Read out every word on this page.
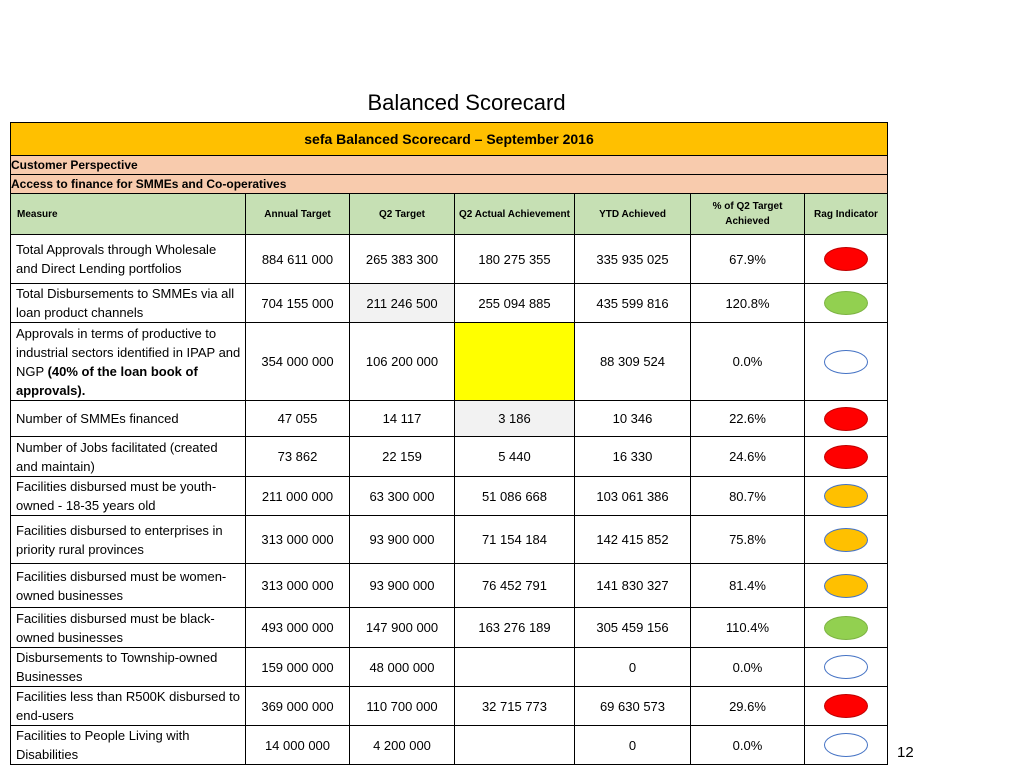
Balanced Scorecard
sefa Balanced Scorecard – September 2016						
Customer Perspective						
Access to finance for SMMEs and Co-operatives						
Measure	Annual Target	Q2 Target	Q2 Actual Achievement	YTD Achieved	% of Q2 Target Achieved	Rag Indicator
Total Approvals through Wholesale and Direct Lending portfolios	884 611 000	265 383 300	180 275 355	335 935 025	67.9%	

Total Disbursements to SMMEs via all loan product channels	704 155 000	211 246 500	255 094 885	435 599 816	120.8%	

Approvals in terms of productive to industrial sectors identified in IPAP and NGP (40% of the loan book of approvals).	354 000 000	106 200 000		88 309 524	0.0%	

Number of SMMEs financed	47 055	14 117	3 186	10 346	22.6%	

Number of Jobs facilitated (created and maintain)	73 862	22 159	5 440	16 330	24.6%	

Facilities disbursed must be youth-owned - 18-35 years old	211 000 000	63 300 000	51 086 668	103 061 386	80.7%	

Facilities disbursed to enterprises in priority rural provinces	313 000 000	93 900 000	71 154 184	142 415 852	75.8%	

Facilities disbursed must be women-owned businesses	313 000 000	93 900 000	76 452 791	141 830 327	81.4%	

Facilities disbursed must be black-owned businesses	493 000 000	147 900 000	163 276 189	305 459 156	110.4%	

Disbursements to Township-owned Businesses	159 000 000	48 000 000		0	0.0%	

Facilities less than R500K disbursed to end-users	369 000 000	110 700 000	32 715 773	69 630 573	29.6%	

Facilities to People Living with Disabilities	14 000 000	4 200 000		0	0.0%		12
